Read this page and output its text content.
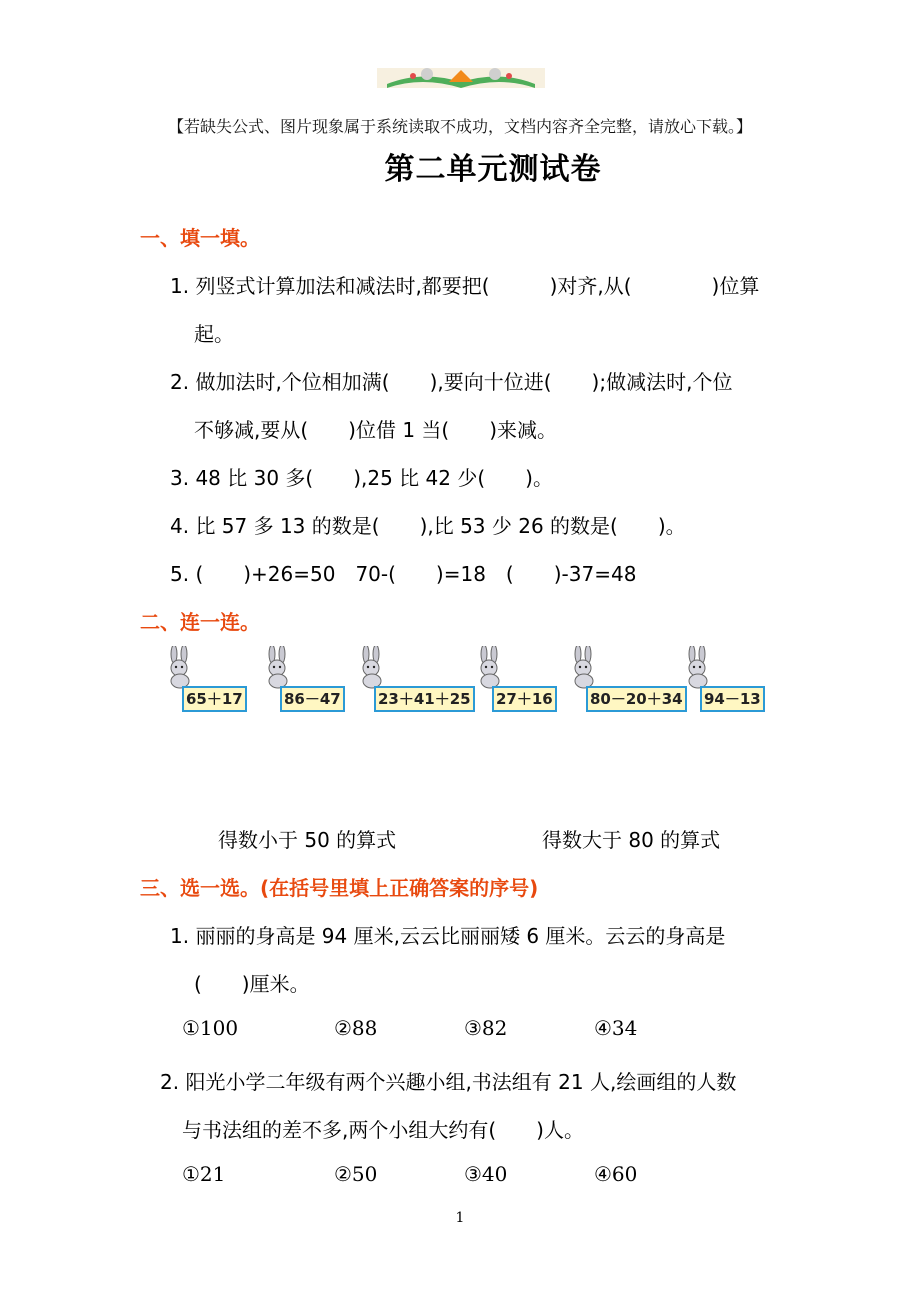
【若缺失公式、图片现象属于系统读取不成功，文档内容齐全完整，请放心下载。】
第二单元测试卷
一、填一填。
1. 列竖式计算加法和减法时,都要把(　　　)对齐,从(　　　　)位算
起。
2. 做加法时,个位相加满(　　),要向十位进(　　);做减法时,个位
不够减,要从(　　)位借 1 当(　　)来减。
3. 48 比 30 多(　　),25 比 42 少(　　)。
4. 比 57 多 13 的数是(　　),比 53 少 26 的数是(　　)。
5. (　　)+26=50　70-(　　)=18　(　　)-37=48
二、连一连。
65＋17	86－47 23＋41＋25 27＋16 80－20＋34 94－13
得数小于 50 的算式	得数大于 80 的算式
三、选一选。(在括号里填上正确答案的序号)
1. 丽丽的身高是 94 厘米,云云比丽丽矮 6 厘米。云云的身高是
(　　)厘米。
①100	②88	③82	④34
2. 阳光小学二年级有两个兴趣小组,书法组有 21 人,绘画组的人数
与书法组的差不多,两个小组大约有(　　)人。
①21	②50	③40	④60
1
